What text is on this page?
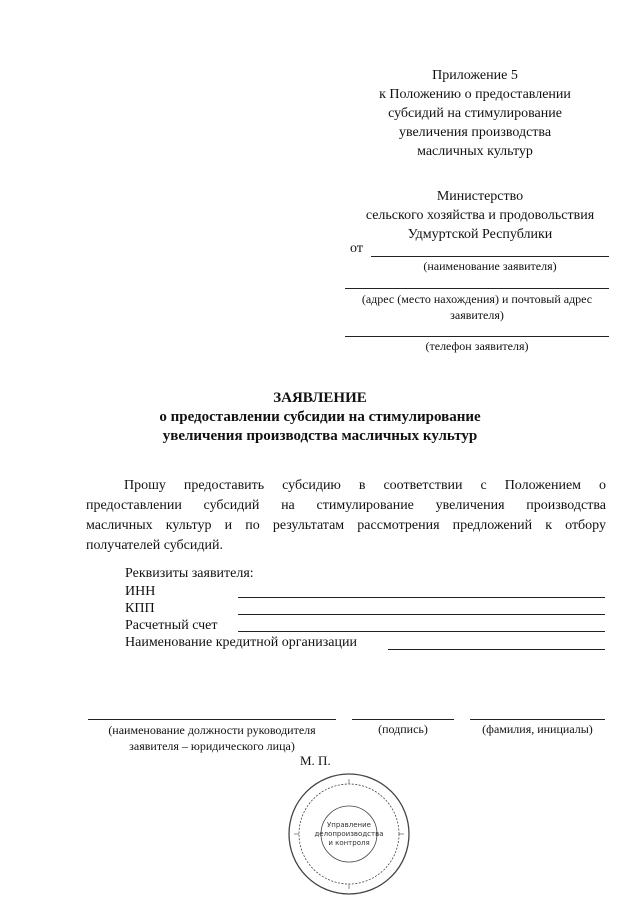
Приложение 5
к Положению о предоставлении
субсидий на стимулирование
увеличения производства
масличных культур
Министерство
сельского хозяйства и продовольствия
Удмуртской Республики
от
(наименование заявителя)
(адрес (место нахождения) и почтовый адрес
заявителя)
(телефон заявителя)
ЗАЯВЛЕНИЕ
о предоставлении субсидии на стимулирование
увеличения производства масличных культур
Прошу предоставить субсидию в соответствии с Положением о
предоставлении субсидий на стимулирование увеличения производства
масличных культур и по результатам рассмотрения предложений к отбору
получателей субсидий.
Реквизиты заявителя:
ИНН
КПП
Расчетный счет
Наименование кредитной организации
(наименование должности руководителя
заявителя – юридического лица)
(подпись)	(фамилия, инициалы)
М. П.
Управление
делопроизводства
и контроля
